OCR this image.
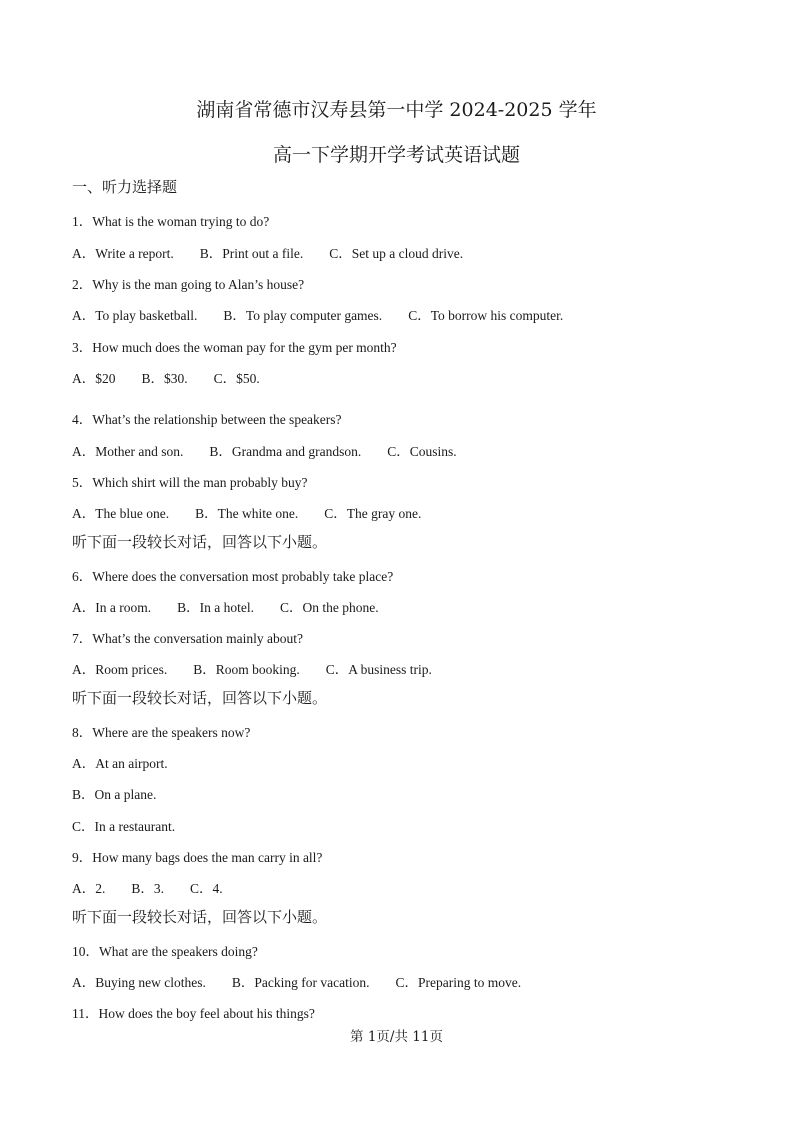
湖南省常德市汉寿县第一中学 2024-2025 学年
高一下学期开学考试英语试题
一、听力选择题
1．What is the woman trying to do?
A．Write a report. B．Print out a file. C．Set up a cloud drive.
2．Why is the man going to Alan’s house?
A．To play basketball. B．To play computer games. C．To borrow his computer.
3．How much does the woman pay for the gym per month?
A．$20 B．$30. C．$50.
4．What’s the relationship between the speakers?
A．Mother and son. B．Grandma and grandson. C．Cousins.
5．Which shirt will the man probably buy?
A．The blue one. B．The white one. C．The gray one.
听下面一段较长对话，回答以下小题。
6．Where does the conversation most probably take place?
A．In a room. B．In a hotel. C．On the phone.
7．What’s the conversation mainly about?
A．Room prices. B．Room booking. C．A business trip.
听下面一段较长对话，回答以下小题。
8．Where are the speakers now?
A．At an airport.
B．On a plane.
C．In a restaurant.
9．How many bags does the man carry in all?
A．2. B．3. C．4.
听下面一段较长对话，回答以下小题。
10．What are the speakers doing?
A．Buying new clothes. B．Packing for vacation. C．Preparing to move.
11．How does the boy feel about his things?
第 1页/共 11页
